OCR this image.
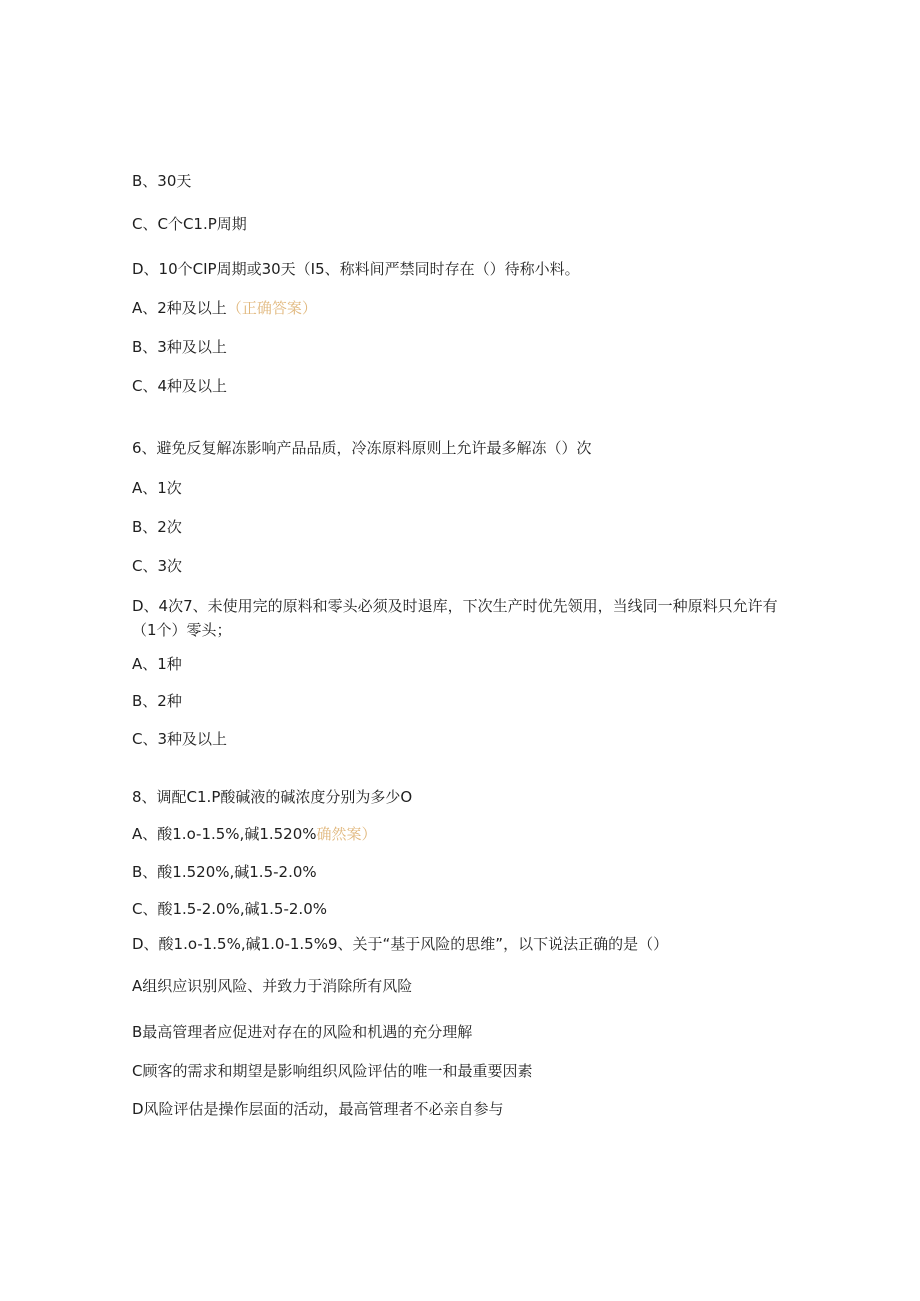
B、30天
C、C个C1.P周期
D、10个CIP周期或30天（I5、称料间严禁同时存在（）待称小料。
A、2种及以上（正确答案）
B、3种及以上
C、4种及以上
6、避免反复解冻影响产品品质，冷冻原料原则上允许最多解冻（）次
A、1次
B、2次
C、3次
D、4次7、未使用完的原料和零头必须及时退库，下次生产时优先领用，当线同一种原料只允许有（1个）零头；
A、1种
B、2种
C、3种及以上
8、调配C1.P酸碱液的碱浓度分别为多少O
A、酸1.o-1.5%,碱1.520%确然案）
B、酸1.520%,碱1.5-2.0%
C、酸1.5-2.0%,碱1.5-2.0%
D、酸1.o-1.5%,碱1.0-1.5%9、关于“基于风险的思维”，以下说法正确的是（）
A组织应识别风险、并致力于消除所有风险
B最高管理者应促进对存在的风险和机遇的充分理解
C顾客的需求和期望是影响组织风险评估的唯一和最重要因素
D风险评估是操作层面的活动，最高管理者不必亲自参与
